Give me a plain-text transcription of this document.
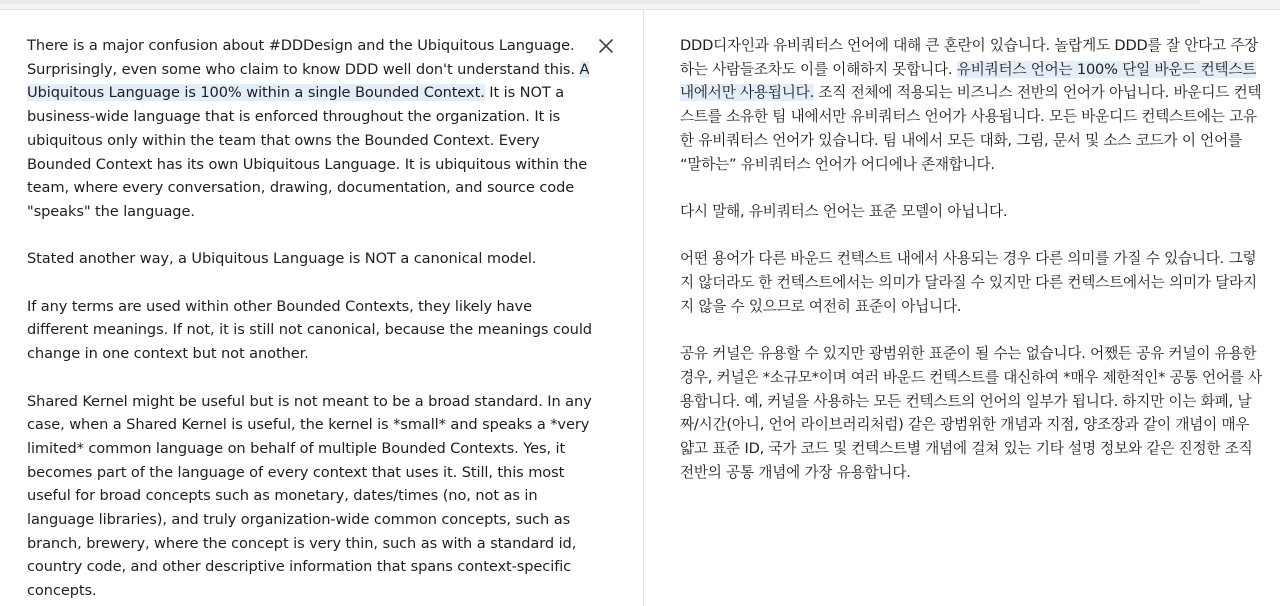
There is a major confusion about #DDDesign and the Ubiquitous Language. Surprisingly, even some who claim to know DDD well don't understand this. A Ubiquitous Language is 100% within a single Bounded Context. It is NOT a business-wide language that is enforced throughout the organization. It is ubiquitous only within the team that owns the Bounded Context. Every Bounded Context has its own Ubiquitous Language. It is ubiquitous within the team, where every conversation, drawing, documentation, and source code "speaks" the language.

Stated another way, a Ubiquitous Language is NOT a canonical model.

If any terms are used within other Bounded Contexts, they likely have different meanings. If not, it is still not canonical, because the meanings could change in one context but not another.

Shared Kernel might be useful but is not meant to be a broad standard. In any case, when a Shared Kernel is useful, the kernel is *small* and speaks a *very limited* common language on behalf of multiple Bounded Contexts. Yes, it becomes part of the language of every context that uses it. Still, this most useful for broad concepts such as monetary, dates/times (no, not as in language libraries), and truly organization-wide common concepts, such as branch, brewery, where the concept is very thin, such as with a standard id, country code, and other descriptive information that spans context-specific concepts.

DDD디자인과 유비쿼터스 언어에 대해 큰 혼란이 있습니다. 놀랍게도 DDD를 잘 안다고 주장하는 사람들조차도 이를 이해하지 못합니다. 유비쿼터스 언어는 100% 단일 바운드 컨텍스트 내에서만 사용됩니다. 조직 전체에 적용되는 비즈니스 전반의 언어가 아닙니다. 바운디드 컨텍스트를 소유한 팀 내에서만 유비쿼터스 언어가 사용됩니다. 모든 바운디드 컨텍스트에는 고유한 유비쿼터스 언어가 있습니다. 팀 내에서 모든 대화, 그림, 문서 및 소스 코드가 이 언어를 “말하는” 유비쿼터스 언어가 어디에나 존재합니다.

다시 말해, 유비쿼터스 언어는 표준 모델이 아닙니다.

어떤 용어가 다른 바운드 컨텍스트 내에서 사용되는 경우 다른 의미를 가질 수 있습니다. 그렇지 않더라도 한 컨텍스트에서는 의미가 달라질 수 있지만 다른 컨텍스트에서는 의미가 달라지지 않을 수 있으므로 여전히 표준이 아닙니다.

공유 커널은 유용할 수 있지만 광범위한 표준이 될 수는 없습니다. 어쨌든 공유 커널이 유용한 경우, 커널은 *소규모*이며 여러 바운드 컨텍스트를 대신하여 *매우 제한적인* 공통 언어를 사용합니다. 예, 커널을 사용하는 모든 컨텍스트의 언어의 일부가 됩니다. 하지만 이는 화폐, 날짜/시간(아니, 언어 라이브러리처럼) 같은 광범위한 개념과 지점, 양조장과 같이 개념이 매우 얇고 표준 ID, 국가 코드 및 컨텍스트별 개념에 걸쳐 있는 기타 설명 정보와 같은 진정한 조직 전반의 공통 개념에 가장 유용합니다.
